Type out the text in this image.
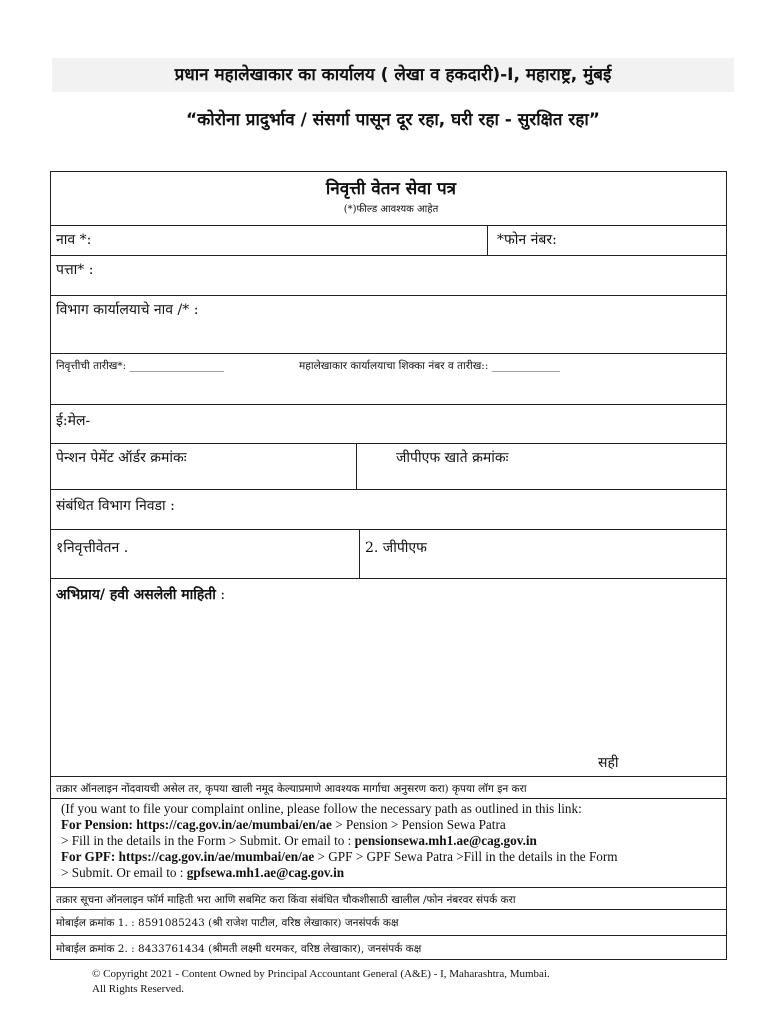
प्रधान महालेखाकार का कार्यालय ( लेखा व हकदारी)-I, महाराष्ट्र, मुंबई
“कोरोना प्रादुर्भाव / संसर्गा पासून दूर रहा, घरी रहा - सुरक्षित रहा”
निवृत्ती वेतन सेवा पत्र
(*)फील्ड आवश्यक आहेत
नाव *:	*फोन नंबर:
पत्ता* :
विभाग कार्यालयाचे नाव /* :
निवृत्तीची तारीख*: __________________	महालेखाकार कार्यालयाचा शिक्का नंबर व तारीख:: _____________
ई:मेल-
पेन्शन पेमेंट ऑर्डर क्रमांकः	जीपीएफ खाते क्रमांकः
संबंधित विभाग निवडा :
१निवृत्तीवेतन .	2. जीपीएफ
अभिप्राय/ हवी असलेली माहिती :
सही
तक्रार ऑनलाइन नोंदवायची असेल तर, कृपया खाली नमूद केल्याप्रमाणे आवश्यक मार्गाचा अनुसरण करा) कृपया लॉग इन करा
(If you want to file your complaint online, please follow the necessary path as outlined in this link:
For Pension: https://cag.gov.in/ae/mumbai/en/ae > Pension > Pension Sewa Patra
> Fill in the details in the Form > Submit. Or email to : pensionsewa.mh1.ae@cag.gov.in
For GPF: https://cag.gov.in/ae/mumbai/en/ae > GPF > GPF Sewa Patra >Fill in the details in the Form
> Submit. Or email to : gpfsewa.mh1.ae@cag.gov.in
तक्रार सूचना ऑनलाइन फॉर्म माहिती भरा आणि सबमिट करा किंवा संबंधित चौकशीसाठी खालील /फोन नंबरवर संपर्क करा
मोबाईल क्रमांक 1. : 8591085243 (श्री राजेश पाटील, वरिष्ठ लेखाकार) जनसंपर्क कक्ष
मोबाईल क्रमांक 2. : 8433761434 (श्रीमती लक्ष्मी धरमकर, वरिष्ठ लेखाकार), जनसंपर्क कक्ष
© Copyright 2021 - Content Owned by Principal Accountant General (A&E) - I, Maharashtra, Mumbai.
All Rights Reserved.
